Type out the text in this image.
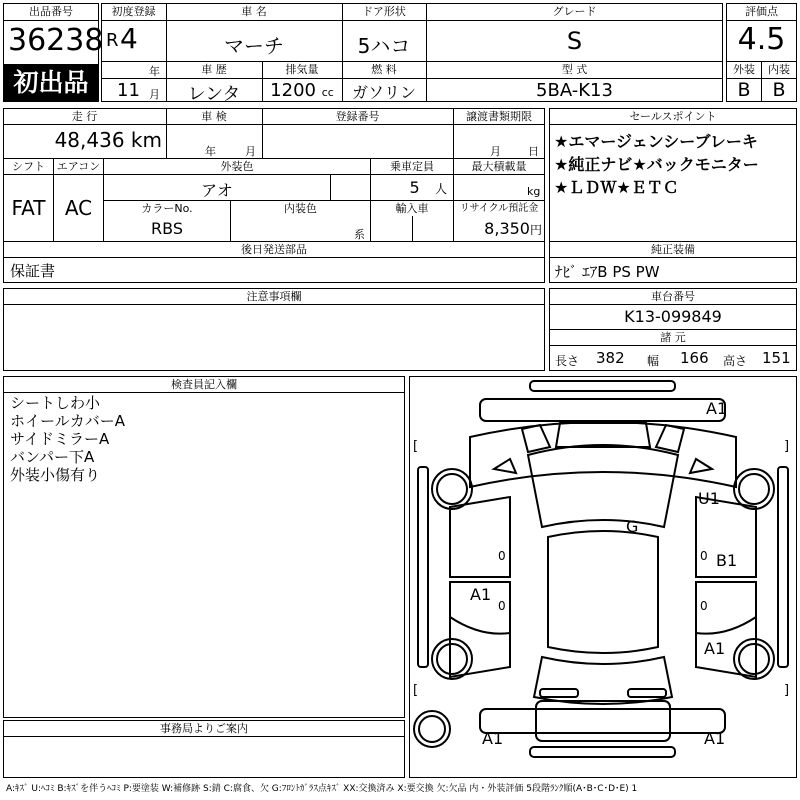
出品番号
36238
初出品
初度登録
R 4
年
11 月
車 名
マーチ
ドア形状
5ハコ
グレード
S
車 歴
レンタ
排気量
1200 cc
燃 料
ガソリン
型 式
5BA-K13
評価点
4.5
外装	内装
B	B
走 行
48,436 km
車 検
年	月
登録番号	譲渡書類期限
月 日
シフト	エアコン
FAT AC
外装色
アオ
乗車定員
5 人
最大積載量
kg
カラーNo.
RBS
内装色
系
輸入車	リサイクル預託金
8,350円
後日発送部品
保証書
セールスポイント
★エマージェンシーブレーキ
★純正ナビ★バックモニター
★ＬＤＷ★ＥＴＣ
純正装備
ﾅﾋﾞ ｴｱB PS PW
注意事項欄	車台番号
K13-099849
諸 元
長さ 382 幅 166 高さ 151
検査員記入欄
シートしわ小
ホイールカバーA
サイドミラーA
バンパー下A
外装小傷有り
事務局よりご案内
[	]
[	]
0	0
0	0
A1
U1
G
B1
A1
A1
A1	A1
A:ｷｽﾞ U:ﾍｺﾐ B:ｷｽﾞを伴うﾍｺﾐ P:要塗装 W:補修跡 S:錆 C:腐食、欠 G:ﾌﾛﾝﾄｶﾞﾗｽ点ｷｽﾞ XX:交換済み X:要交換 欠:欠品 内・外装評価 5段階ﾗﾝｸ順(A･B･C･D･E) 1
